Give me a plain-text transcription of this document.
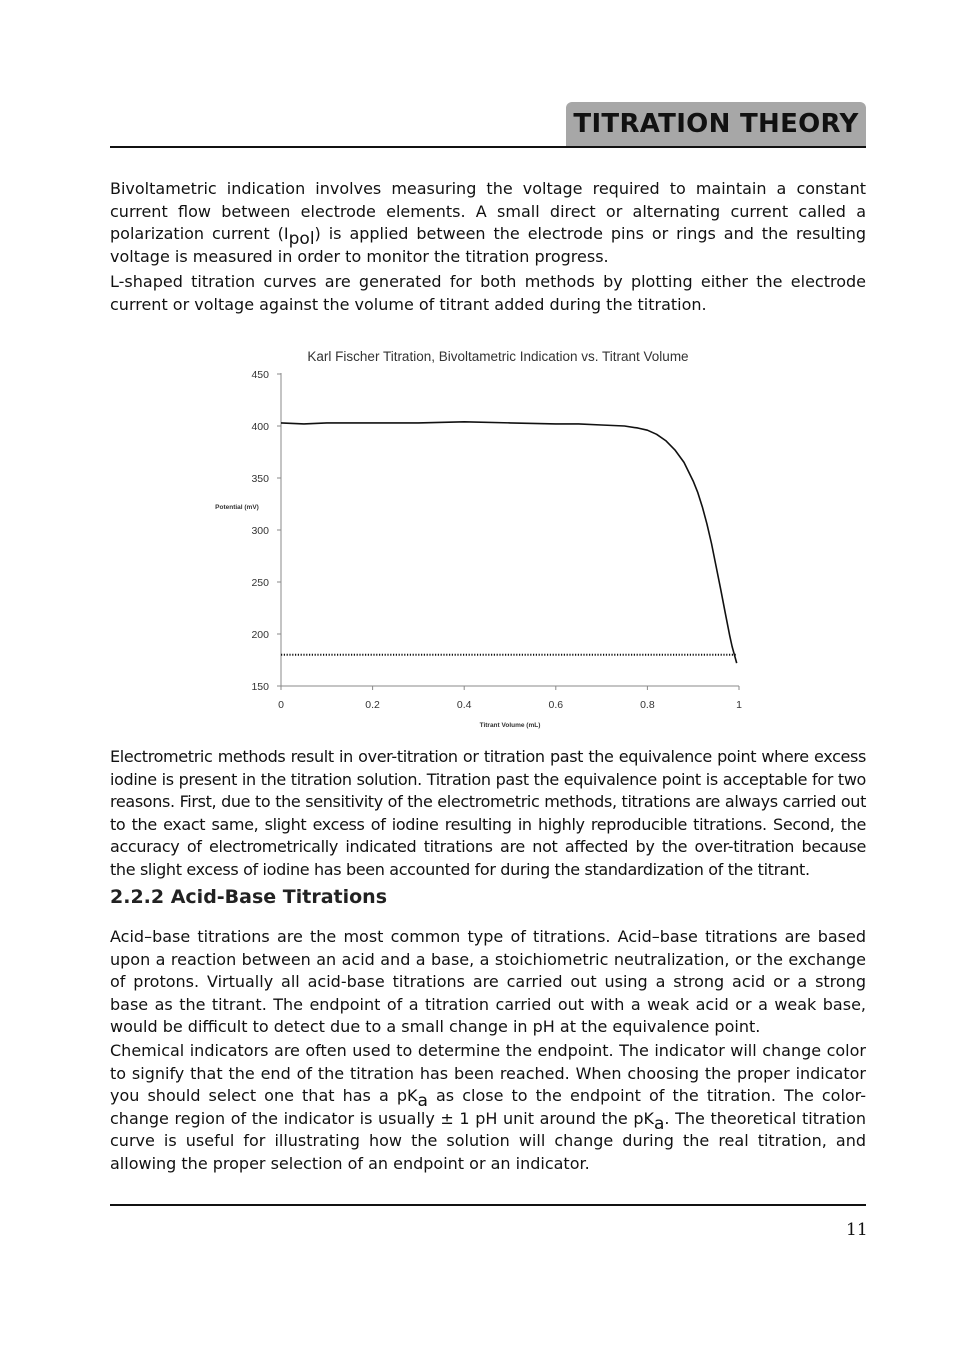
TITRATION THEORY

Bivoltametric indication involves measuring the voltage required to maintain a constant current flow between electrode elements. A small direct or alternating current called a polarization current $(I_{pol})$ is applied between the electrode pins or rings and the resulting voltage is measured in order to monitor the titration progress.

L-shaped titration curves are generated for both methods by plotting either the electrode current or voltage against the volume of titrant added during the titration.

Karl Fischer Titration, Bivoltametric Indication vs. Titrant Volume
150
200
250
300
350
400
450
0	0.2	0.4	0.6	0.8	1
Potential (mV)
Titrant Volume (mL)

Electrometric methods result in over-titration or titration past the equivalence point where excess iodine is present in the titration solution. Titration past the equivalence point is acceptable for two reasons. First, due to the sensitivity of the electrometric methods, titrations are always carried out to the exact same, slight excess of iodine resulting in highly reproducible titrations. Second, the accuracy of electrometrically indicated titrations are not affected by the over-titration because the slight excess of iodine has been accounted for during the standardization of the titrant.

2.2.2 Acid-Base Titrations

Acid–base titrations are the most common type of titrations. Acid–base titrations are based upon a reaction between an acid and a base, a stoichiometric neutralization, or the exchange of protons. Virtually all acid-base titrations are carried out using a strong acid or a strong base as the titrant. The endpoint of a titration carried out with a weak acid or a weak base, would be difficult to detect due to a small change in pH at the equivalence point.

Chemical indicators are often used to determine the endpoint. The indicator will change color to signify that the end of the titration has been reached. When choosing the proper indicator you should select one that has a $pK_a$ as close to the endpoint of the titration. The color-change region of the indicator is usually ± 1 pH unit around the $pK_a$. The theoretical titration curve is useful for illustrating how the solution will change during the real titration, and allowing the proper selection of an endpoint or an indicator.

11
